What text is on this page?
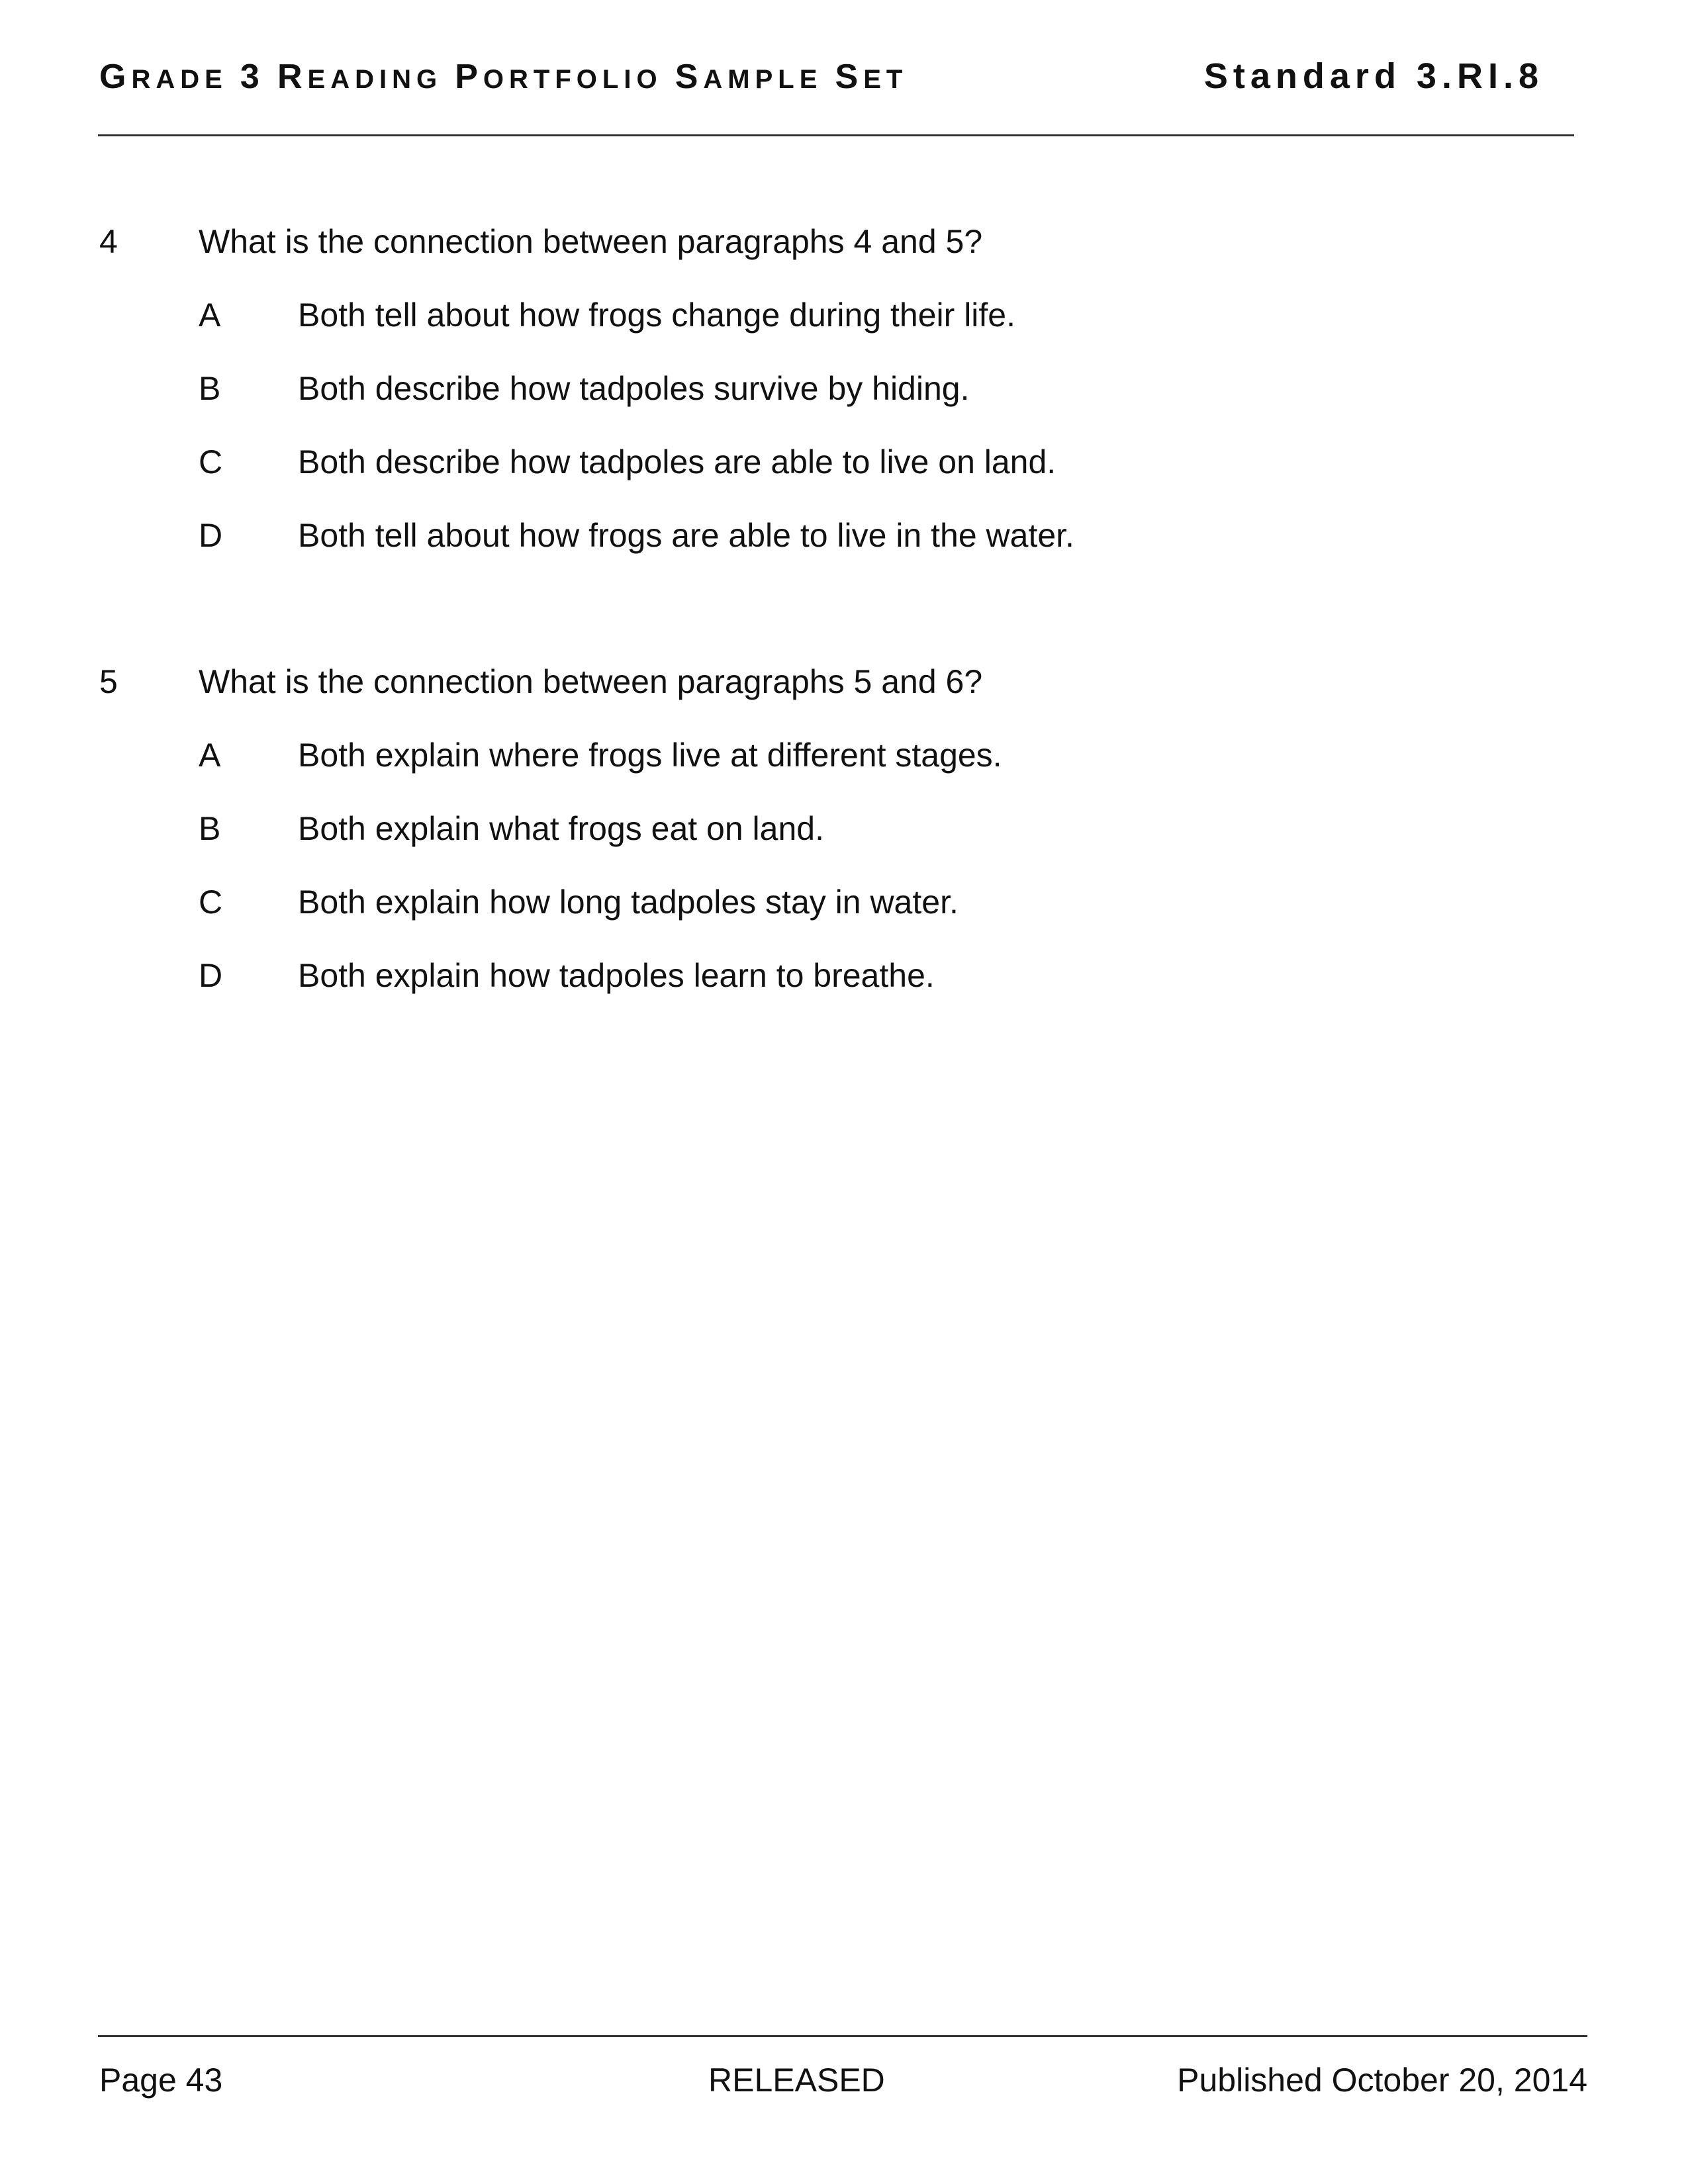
GRADE 3 READING PORTFOLIO SAMPLE SET	Standard 3.RI.8
4 What is the connection between paragraphs 4 and 5?
A Both tell about how frogs change during their life.
B Both describe how tadpoles survive by hiding.
C Both describe how tadpoles are able to live on land.
D Both tell about how frogs are able to live in the water.
5 What is the connection between paragraphs 5 and 6?
A Both explain where frogs live at different stages.
B Both explain what frogs eat on land.
C Both explain how long tadpoles stay in water.
D Both explain how tadpoles learn to breathe.
Page 43	RELEASED	Published October 20, 2014
